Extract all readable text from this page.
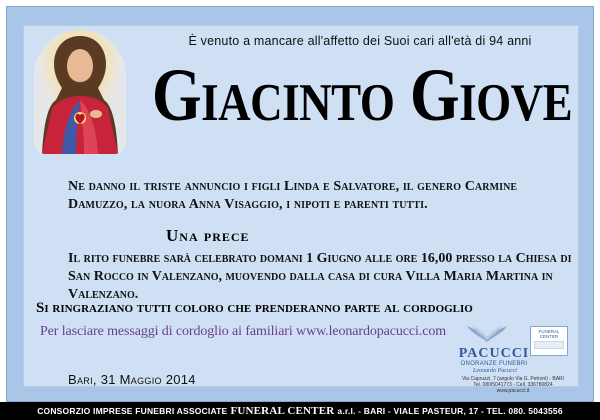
È venuto a mancare all'affetto dei Suoi cari all'età di 94 anni
Giacinto Giove
Ne danno il triste annuncio i figli Linda e Salvatore, il genero Carmine Damuzzo, la nuora Anna Visaggio, i nipoti e parenti tutti.
Una prece
Il rito funebre sarà celebrato domani 1 Giugno alle ore 16,00 presso la Chiesa di San Rocco in Valenzano, muovendo dalla casa di cura Villa Maria Martina in Valenzano.
Si ringraziano tutti coloro che prenderanno parte al cordoglio
Per lasciare messaggi di cordoglio ai familiari www.leonardopacucci.com
Bari, 31 Maggio 2014
PACUCCI
ONORANZE FUNEBRI
Leonardo Pacucci
Via Capruzzi, 7 (angolo Via G. Petroni) - BARI
Tel. 080/5041773 - Cell. 336780824
www.pacucci.it
FUNERAL CENTER
CONSORZIO IMPRESE FUNEBRI ASSOCIATE FUNERAL CENTER a.r.l. - BARI - VIALE PASTEUR, 17 - TEL. 080. 5043556
